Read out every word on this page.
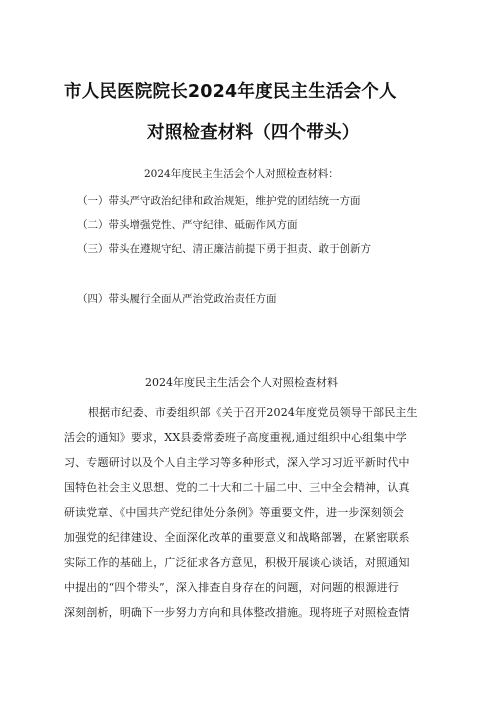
市人民医院院长2024年度民主生活会个人
对照检查材料（四个带头）
2024年度民主生活会个人对照检查材料：
（一）带头严守政治纪律和政治规矩，维护党的团结统一方面
（二）带头增强党性、严守纪律、砥砺作风方面
（三）带头在遵规守纪、清正廉洁前提下勇于担责、敢于创新方
（四）带头履行全面从严治党政治责任方面
2024年度民主生活会个人对照检查材料
根据市纪委、市委组织部《关于召开2024年度党员领导干部民主生
活会的通知》要求，XX县委常委班子高度重视,通过组织中心组集中学
习、专题研讨以及个人自主学习等多种形式，深入学习习近平新时代中
国特色社会主义思想、党的二十大和二十届二中、三中全会精神，认真
研读党章、《中国共产党纪律处分条例》等重要文件，进一步深刻领会
加强党的纪律建设、全面深化改革的重要意义和战略部署，在紧密联系
实际工作的基础上，广泛征求各方意见，积极开展谈心谈话，对照通知
中提出的“四个带头”，深入排查自身存在的问题，对问题的根源进行
深刻剖析，明确下一步努力方向和具体整改措施。现将班子对照检查情
